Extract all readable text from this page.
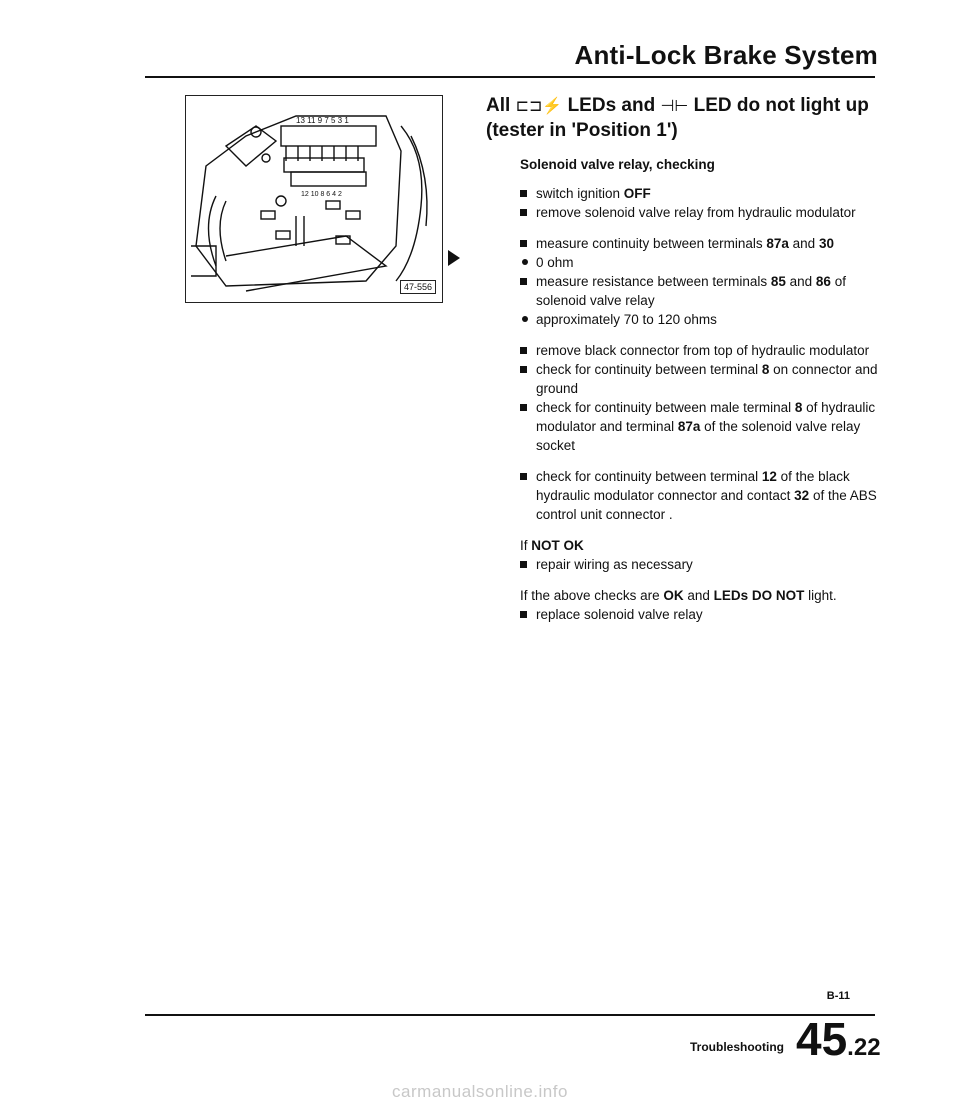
Anti-Lock Brake System
13 11 9 7 5 3 1
12 10 8 6 4 2
47-556
All ⊏⊐⚡ LEDs and ⊣⊢ LED do not light up (tester in 'Position 1')
Solenoid valve relay, checking
switch ignition OFF
remove solenoid valve relay from hydraulic modulator
measure continuity between terminals 87a and 30
0 ohm
measure resistance between terminals 85 and 86 of solenoid valve relay
approximately 70 to 120 ohms
remove black connector from top of hydraulic modulator
check for continuity between terminal 8 on connector and ground
check for continuity between male terminal 8 of hydraulic modulator and terminal 87a of the solenoid valve relay socket
check for continuity between terminal 12 of the black hydraulic modulator connector and contact 32 of the ABS control unit connector .
If NOT OK
repair wiring as necessary
If the above checks are OK and LEDs DO NOT light.
replace solenoid valve relay
B-11
Troubleshooting 45.22
carmanualsonline.info
